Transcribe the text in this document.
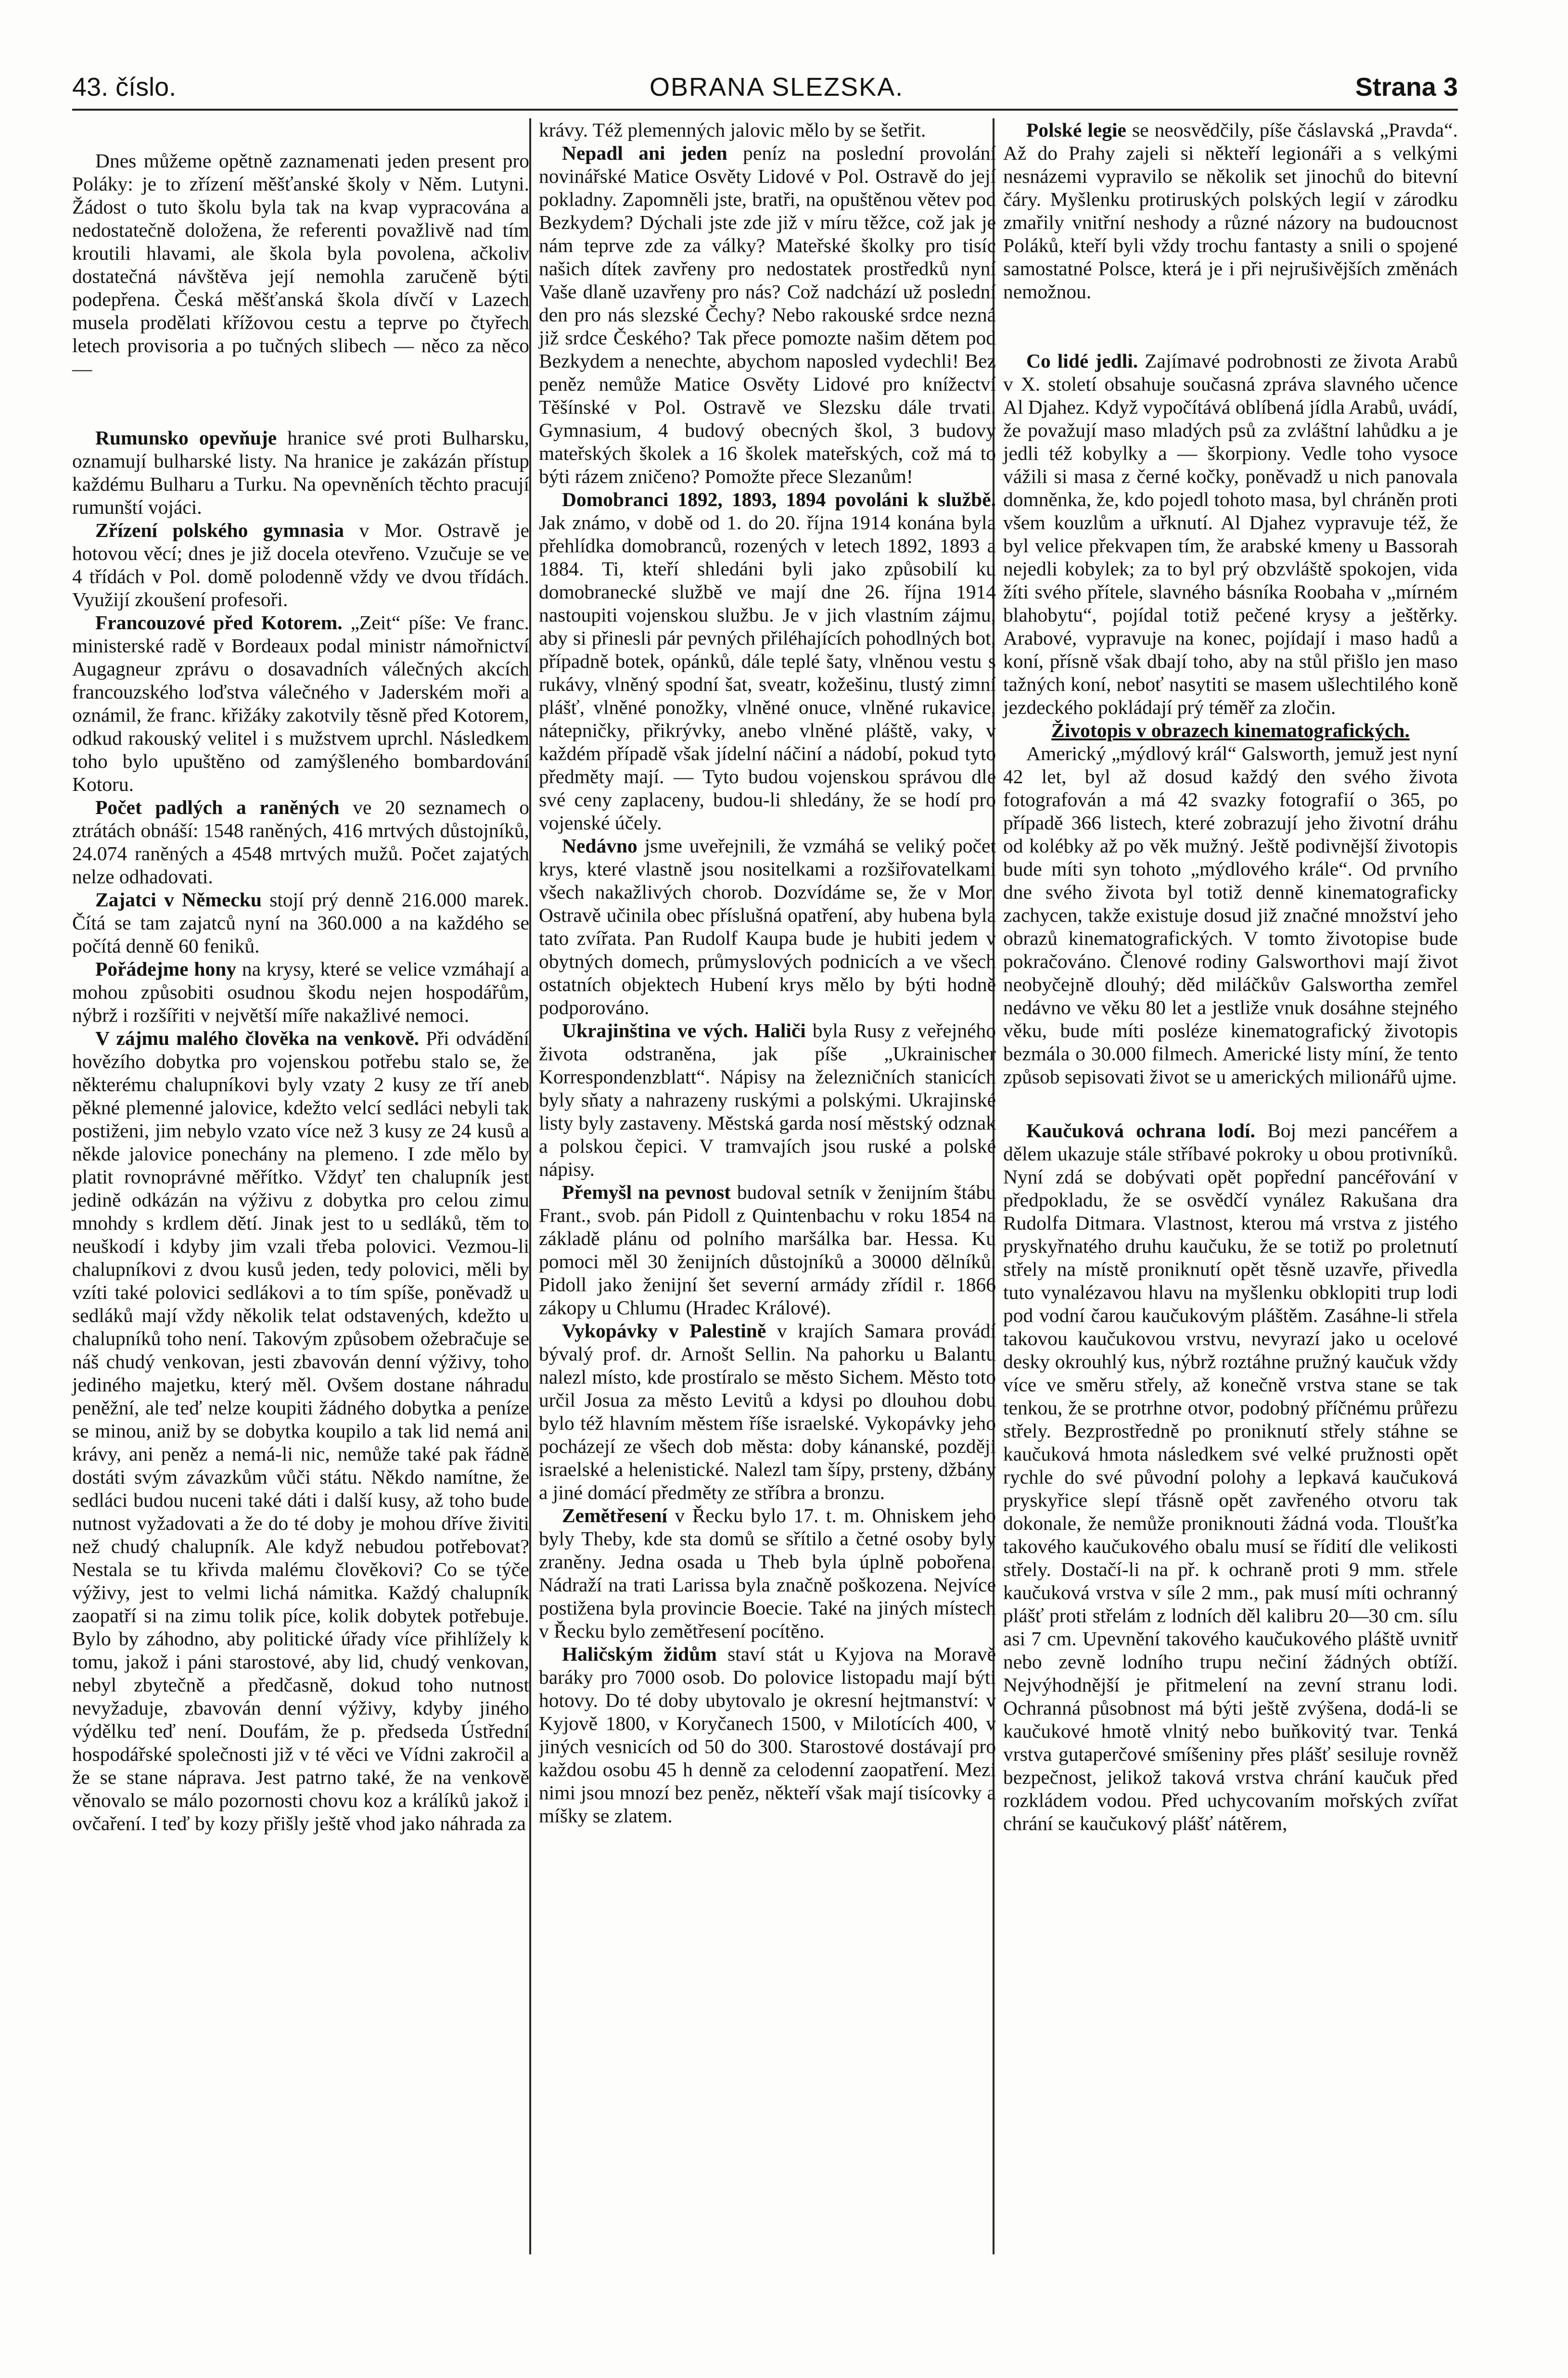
43. číslo.	OBRANA SLEZSKA.	Strana 3

Dnes můžeme opětně zaznamenati jeden present pro Poláky: je to zřízení měšťanské školy v Něm. Lutyni. Žádost o tuto školu byla tak na kvap vypracována a nedostatečně doložena, že referenti považlivě nad tím kroutili hlavami, ale škola byla povolena, ačkoliv dostatečná návštěva její nemohla zaručeně býti podepřena. Česká měšťanská škola dívčí v Lazech musela prodělati křížovou cestu a teprve po čtyřech letech provisoria a po tučných slibech — něco za něco —

Rumunsko opevňuje hranice své proti Bulharsku, oznamují bulharské listy. Na hranice je zakázán přístup každému Bulharu a Turku. Na opevněních těchto pracují rumunští vojáci.

Zřízení polského gymnasia v Mor. Ostravě je hotovou věcí; dnes je již docela otevřeno. Vzučuje se ve 4 třídách v Pol. domě polodenně vždy ve dvou třídách. Využijí zkoušení profesoři.

Francouzové před Kotorem. „Zeit“ píše: Ve franc. ministerské radě v Bordeaux podal ministr námořnictví Augagneur zprávu o dosavadních válečných akcích francouzského loďstva válečného v Jaderském moři a oznámil, že franc. křižáky zakotvily těsně před Kotorem, odkud rakouský velitel i s mužstvem uprchl. Následkem toho bylo upuštěno od zamýšleného bombardování Kotoru.

Počet padlých a raněných ve 20 seznamech o ztrátách obnáší: 1548 raněných, 416 mrtvých důstojníků, 24.074 raněných a 4548 mrtvých mužů. Počet zajatých nelze odhadovati.

Zajatci v Německu stojí prý denně 216.000 marek. Čítá se tam zajatců nyní na 360.000 a na každého se počítá denně 60 feniků.

Pořádejme hony na krysy, které se velice vzmáhají a mohou způsobiti osudnou škodu nejen hospodářům, nýbrž i rozšířiti v největší míře nakažlivé nemoci.

V zájmu malého člověka na venkově. Při odvádění hovězího dobytka pro vojenskou potřebu stalo se, že některému chalupníkovi byly vzaty 2 kusy ze tří aneb pěkné plemenné jalovice, kdežto velcí sedláci nebyli tak postiženi, jim nebylo vzato více než 3 kusy ze 24 kusů a někde jalovice ponechány na plemeno. I zde mělo by platit rovnoprávné měřítko. Vždyť ten chalupník jest jedině odkázán na výživu z dobytka pro celou zimu mnohdy s krdlem dětí. Jinak jest to u sedláků, těm to neuškodí i kdyby jim vzali třeba polovici. Vezmou-li chalupníkovi z dvou kusů jeden, tedy polovici, měli by vzíti také polovici sedlákovi a to tím spíše, poněvadž u sedláků mají vždy několik telat odstavených, kdežto u chalupníků toho není. Takovým způsobem ožebračuje se náš chudý venkovan, jesti zbavován denní výživy, toho jediného majetku, který měl. Ovšem dostane náhradu peněžní, ale teď nelze koupiti žádného dobytka a peníze se minou, aniž by se dobytka koupilo a tak lid nemá ani krávy, ani peněz a nemá-li nic, nemůže také pak řádně dostáti svým závazkům vůči státu. Někdo namítne, že sedláci budou nuceni také dáti i další kusy, až toho bude nutnost vyžadovati a že do té doby je mohou dříve živiti než chudý chalupník. Ale když nebudou potřebovat? Nestala se tu křivda malému člověkovi? Co se týče výživy, jest to velmi lichá námitka. Každý chalupník zaopatří si na zimu tolik píce, kolik dobytek potřebuje. Bylo by záhodno, aby politické úřady více přihlížely k tomu, jakož i páni starostové, aby lid, chudý venkovan, nebyl zbytečně a předčasně, dokud toho nutnost nevyžaduje, zbavován denní výživy, kdyby jiného výdělku teď není. Doufám, že p. předseda Ústřední hospodářské společnosti již v té věci ve Vídni zakročil a že se stane náprava. Jest patrno také, že na venkově věnovalo se málo pozornosti chovu koz a králíků jakož i ovčaření. I teď by kozy přišly ještě vhod jako náhrada za

krávy. Též plemenných jalovic mělo by se šetřit.

Nepadl ani jeden peníz na poslední provolání novinářské Matice Osvěty Lidové v Pol. Ostravě do její pokladny. Zapomněli jste, bratři, na opuštěnou větev pod Bezkydem? Dýchali jste zde již v míru těžce, což jak je nám teprve zde za války? Mateřské školky pro tisíc našich dítek zavřeny pro nedostatek prostředků nyní Vaše dlaně uzavřeny pro nás? Což nadchází už poslední den pro nás slezské Čechy? Nebo rakouské srdce nezná již srdce Českého? Tak přece pomozte našim dětem pod Bezkydem a nenechte, abychom naposled vydechli! Bez peněz nemůže Matice Osvěty Lidové pro knížectví Těšínské v Pol. Ostravě ve Slezsku dále trvati. Gymnasium, 4 budový obecných škol, 3 budovy mateřských školek a 16 školek mateřských, což má to býti rázem zničeno? Pomožte přece Slezanům!

Domobranci 1892, 1893, 1894 povoláni k službě. Jak známo, v době od 1. do 20. října 1914 konána byla přehlídka domobranců, rozených v letech 1892, 1893 a 1884. Ti, kteří shledáni byli jako způsobilí ku domobranecké službě ve mají dne 26. října 1914 nastoupiti vojenskou službu. Je v jich vlastním zájmu, aby si přinesli pár pevných přiléhajících pohodlných bot, případně botek, opánků, dále teplé šaty, vlněnou vestu s rukávy, vlněný spodní šat, sveatr, kožešinu, tlustý zimní plášť, vlněné ponožky, vlněné onuce, vlněné rukavice, nátepničky, přikrývky, anebo vlněné pláště, vaky, v každém případě však jídelní náčiní a nádobí, pokud tyto předměty mají. — Tyto budou vojenskou správou dle své ceny zaplaceny, budou-li shledány, že se hodí pro vojenské účely.

Nedávno jsme uveřejnili, že vzmáhá se veliký počet krys, které vlastně jsou nositelkami a rozšiřovatelkami všech nakažlivých chorob. Dozvídáme se, že v Mor. Ostravě učinila obec příslušná opatření, aby hubena byla tato zvířata. Pan Rudolf Kaupa bude je hubiti jedem v obytných domech, průmyslových podnicích a ve všech ostatních objektech Hubení krys mělo by býti hodně podporováno.

Ukrajinština ve vých. Haliči byla Rusy z veřejného života odstraněna, jak píše „Ukrainischer Korrespondenzblatt“. Nápisy na železničních stanicích byly sňaty a nahrazeny ruskými a polskými. Ukrajinské listy byly zastaveny. Městská garda nosí městský odznak a polskou čepici. V tramvajích jsou ruské a polské nápisy.

Přemyšl na pevnost budoval setník v ženijním štábu Frant., svob. pán Pidoll z Quintenbachu v roku 1854 na základě plánu od polního maršálka bar. Hessa. Ku pomoci měl 30 ženijních důstojníků a 30000 dělníků. Pidoll jako ženijní šet severní armády zřídil r. 1866 zákopy u Chlumu (Hradec Králové).

Vykopávky v Palestině v krajích Samara provádí bývalý prof. dr. Arnošt Sellin. Na pahorku u Balantu nalezl místo, kde prostíralo se město Sichem. Město toto určil Josua za město Levitů a kdysi po dlouhou dobu bylo též hlavním městem říše israelské. Vykopávky jeho pocházejí ze všech dob města: doby kánanské, později israelské a helenistické. Nalezl tam šípy, prsteny, džbány a jiné domácí předměty ze stříbra a bronzu.

Zemětřesení v Řecku bylo 17. t. m. Ohniskem jeho byly Theby, kde sta domů se sřítilo a četné osoby byly zraněny. Jedna osada u Theb byla úplně pobořena. Nádraží na trati Larissa byla značně poškozena. Nejvíce postižena byla provincie Boecie. Také na jiných místech v Řecku bylo zemětřesení pocítěno.

Haličským židům staví stát u Kyjova na Moravě baráky pro 7000 osob. Do polovice listopadu mají býti hotovy. Do té doby ubytovalo je okresní hejtmanství: v Kyjově 1800, v Koryčanech 1500, v Milotících 400, v jiných vesnicích od 50 do 300. Starostové dostávají pro každou osobu 45 h denně za celodenní zaopatření. Mezi nimi jsou mnozí bez peněz, někteří však mají tisícovky a míšky se zlatem.

Polské legie se neosvědčily, píše čáslavská „Pravda“. Až do Prahy zajeli si někteří legionáři a s velkými nesnázemi vypravilo se několik set jinochů do bitevní čáry. Myšlenku protiruských polských legií v zárodku zmařily vnitřní neshody a různé názory na budoucnost Poláků, kteří byli vždy trochu fantasty a snili o spojené samostatné Polsce, která je i při nejrušivějších změnách nemožnou.

Co lidé jedli. Zajímavé podrobnosti ze života Arabů v X. století obsahuje současná zpráva slavného učence Al Djahez. Když vypočítává oblíbená jídla Arabů, uvádí, že považují maso mladých psů za zvláštní lahůdku a je jedli též kobylky a — škorpiony. Vedle toho vysoce vážili si masa z černé kočky, poněvadž u nich panovala domněnka, že, kdo pojedl tohoto masa, byl chráněn proti všem kouzlům a uřknutí. Al Djahez vypravuje též, že byl velice překvapen tím, že arabské kmeny u Bassorah nejedli kobylek; za to byl prý obzvláště spokojen, vida žíti svého přítele, slavného básníka Roobaha v „mírném blahobytu“, pojídal totiž pečené krysy a ještěrky. Arabové, vypravuje na konec, pojídají i maso hadů a koní, přísně však dbají toho, aby na stůl přišlo jen maso tažných koní, neboť nasytiti se masem ušlechtilého koně jezdeckého pokládají prý téměř za zločin.

Životopis v obrazech kinematografických.

Americký „mýdlový král“ Galsworth, jemuž jest nyní 42 let, byl až dosud každý den svého života fotografován a má 42 svazky fotografií o 365, po případě 366 listech, které zobrazují jeho životní dráhu od kolébky až po věk mužný. Ještě podivnější životopis bude míti syn tohoto „mýdlového krále“. Od prvního dne svého života byl totiž denně kinematograficky zachycen, takže existuje dosud již značné množství jeho obrazů kinematografických. V tomto životopise bude pokračováno. Členové rodiny Galsworthovi mají život neobyčejně dlouhý; děd miláčkův Galswortha zemřel nedávno ve věku 80 let a jestliže vnuk dosáhne stejného věku, bude míti posléze kinematografický životopis bezmála o 30.000 filmech. Americké listy míní, že tento způsob sepisovati život se u amerických milionářů ujme.

Kaučuková ochrana lodí. Boj mezi pancéřem a dělem ukazuje stále stříbavé pokroky u obou protivníků. Nyní zdá se dobývati opět popřední pancéřování v předpokladu, že se osvědčí vynález Rakušana dra Rudolfa Ditmara. Vlastnost, kterou má vrstva z jistého pryskyřnatého druhu kaučuku, že se totiž po proletnutí střely na místě proniknutí opět těsně uzavře, přivedla tuto vynalézavou hlavu na myšlenku obklopiti trup lodi pod vodní čarou kaučukovým pláštěm. Zasáhne-li střela takovou kaučukovou vrstvu, nevyrazí jako u ocelové desky okrouhlý kus, nýbrž roztáhne pružný kaučuk vždy více ve směru střely, až konečně vrstva stane se tak tenkou, že se protrhne otvor, podobný příčnému průřezu střely. Bezprostředně po proniknutí střely stáhne se kaučuková hmota následkem své velké pružnosti opět rychle do své původní polohy a lepkavá kaučuková pryskyřice slepí třásně opět zavřeného otvoru tak dokonale, že nemůže proniknouti žádná voda. Tloušťka takového kaučukového obalu musí se řídití dle velikosti střely. Dostačí-li na př. k ochraně proti 9 mm. střele kaučuková vrstva v síle 2 mm., pak musí míti ochranný plášť proti střelám z lodních děl kalibru 20—30 cm. sílu asi 7 cm. Upevnění takového kaučukového pláště uvnitř nebo zevně lodního trupu nečiní žádných obtíží. Nejvýhodnější je přitmelení na zevní stranu lodi. Ochranná působnost má býti ještě zvýšena, dodá-li se kaučukové hmotě vlnitý nebo buňkovitý tvar. Tenká vrstva gutaperčové smíšeniny přes plášť sesiluje rovněž bezpečnost, jelikož taková vrstva chrání kaučuk před rozkládem vodou. Před uchycovaním mořských zvířat chrání se kaučukový plášť nátěrem,
